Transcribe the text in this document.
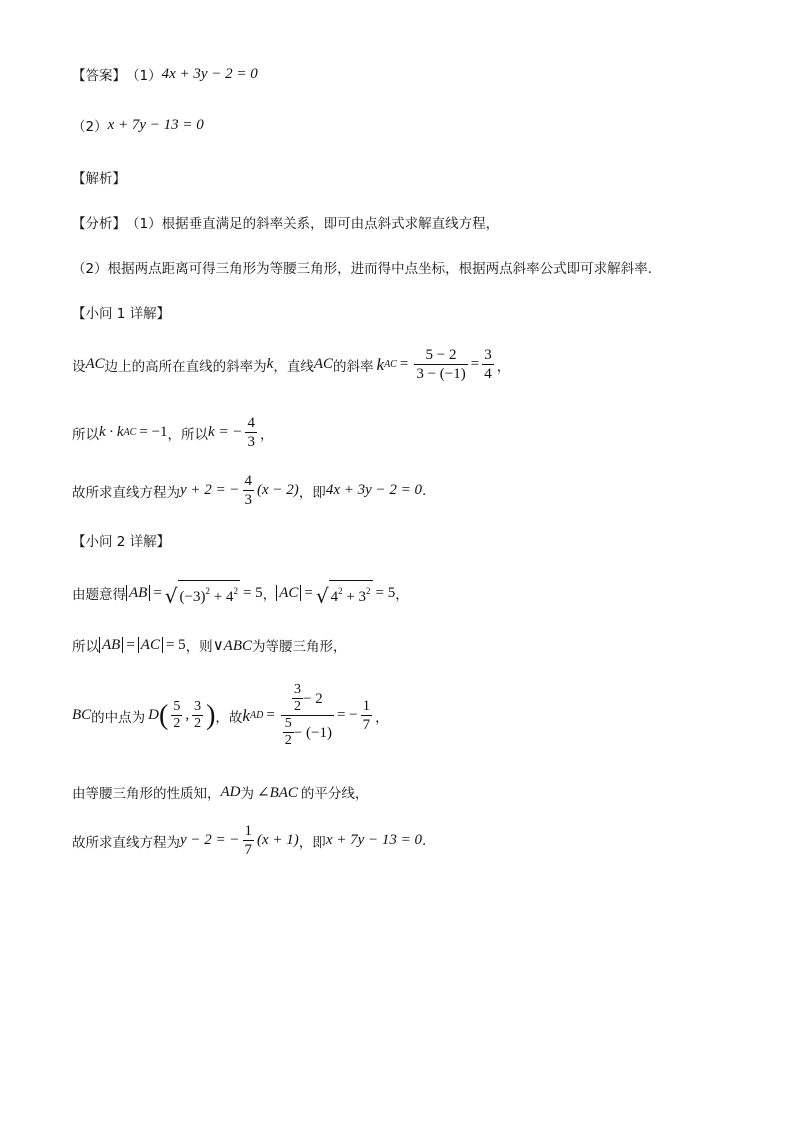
【答案】 （1） 4x + 3y − 2 = 0
（2） x + 7y − 13 = 0
【解析】
【分析】 （1）根据垂直满足的斜率关系，即可由点斜式求解直线方程，
（2）根据两点距离可得三角形为等腰三角形，进而得中点坐标，根据两点斜率公式即可求解斜率.
【小问 1 详解】
设 AC 边上的高所在直线的斜率为 k ，直线 AC 的斜率 k AC = $\frac{5 - 2}{3 - (-1)} = \frac{3}{4}$ ，
所以 k · k AC = −1 ，所以 k = − $\frac{4}{3}$ ，
故所求直线方程为 y + 2 = − $\frac{4}{3} (x - 2)$ ，即 4x + 3y − 2 = 0 .
【小问 2 详解】
由题意得 AB = √ $(-3)^2 + 4^2 = 5$ ， AC = √ $4^2 + 3^2 = 5$ ，
所以 AB = AC = 5 ，则 ∨ABC 为等腰三角形，
BC 的中点为 D ( $\frac{5}{2}$ , $\frac{3}{2}$ ) ，故 k AD = $\frac{\frac{3}{2} - 2}{\frac{5}{2} - (-1)}$ = − $\frac{1}{7}$ ，
由等腰三角形的性质知， AD 为 ∠BAC 的平分线，
故所求直线方程为 y − 2 = − $\frac{1}{7} (x + 1)$ ，即 x + 7y − 13 = 0 .
